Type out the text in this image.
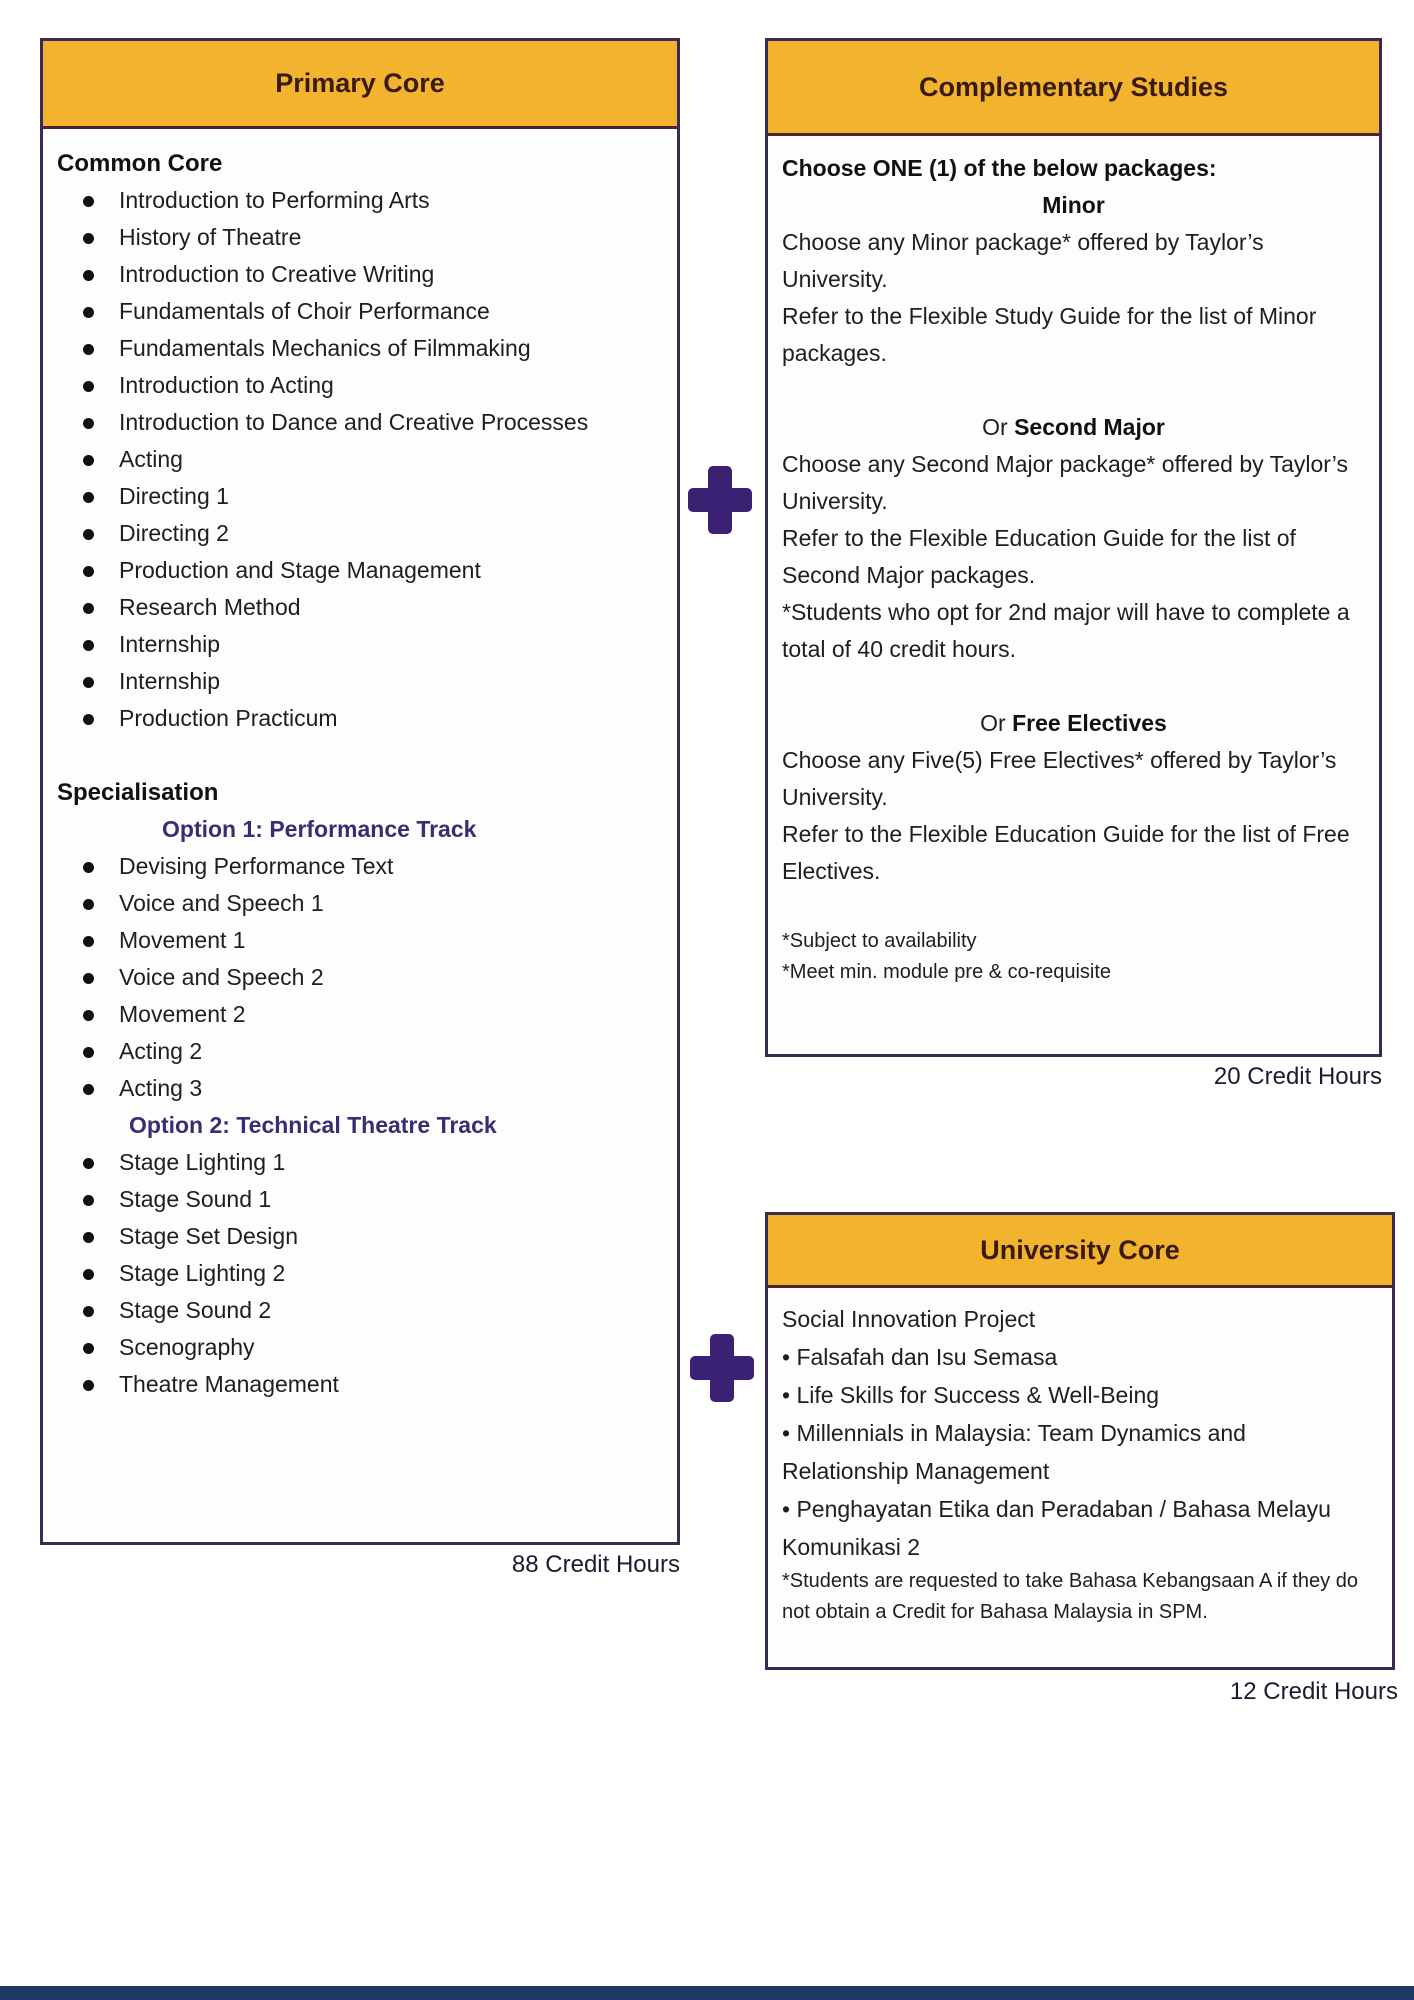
Primary Core
Common Core
Introduction to Performing Arts
History of Theatre
Introduction to Creative Writing
Fundamentals of Choir Performance
Fundamentals Mechanics of Filmmaking
Introduction to Acting
Introduction to Dance and Creative Processes
Acting
Directing 1
Directing 2
Production and Stage Management
Research Method
Internship
Internship
Production Practicum
Specialisation
Option 1: Performance Track
Devising Performance Text
Voice and Speech 1
Movement 1
Voice and Speech 2
Movement 2
Acting 2
Acting 3
Option 2: Technical Theatre Track
Stage Lighting 1
Stage Sound 1
Stage Set Design
Stage Lighting 2
Stage Sound 2
Scenography
Theatre Management
88 Credit Hours
Complementary Studies

Choose ONE (1) of the below packages:

Minor

Choose any Minor package* offered by Taylor’s University.

Refer to the Flexible Study Guide for the list of Minor packages.

Or Second Major

Choose any Second Major package* offered by Taylor’s University.

Refer to the Flexible Education Guide for the list of Second Major packages.

*Students who opt for 2nd major will have to complete a total of 40 credit hours.

Or Free Electives

Choose any Five(5) Free Electives* offered by Taylor’s University.

Refer to the Flexible Education Guide for the list of Free Electives.

*Subject to availability

*Meet min. module pre & co-requisite

20 Credit Hours
University Core

Social Innovation Project

• Falsafah dan Isu Semasa

• Life Skills for Success & Well-Being

• Millennials in Malaysia: Team Dynamics and Relationship Management

• Penghayatan Etika dan Peradaban / Bahasa Melayu Komunikasi 2

*Students are requested to take Bahasa Kebangsaan A if they do not obtain a Credit for Bahasa Malaysia in SPM.

12 Credit Hours
